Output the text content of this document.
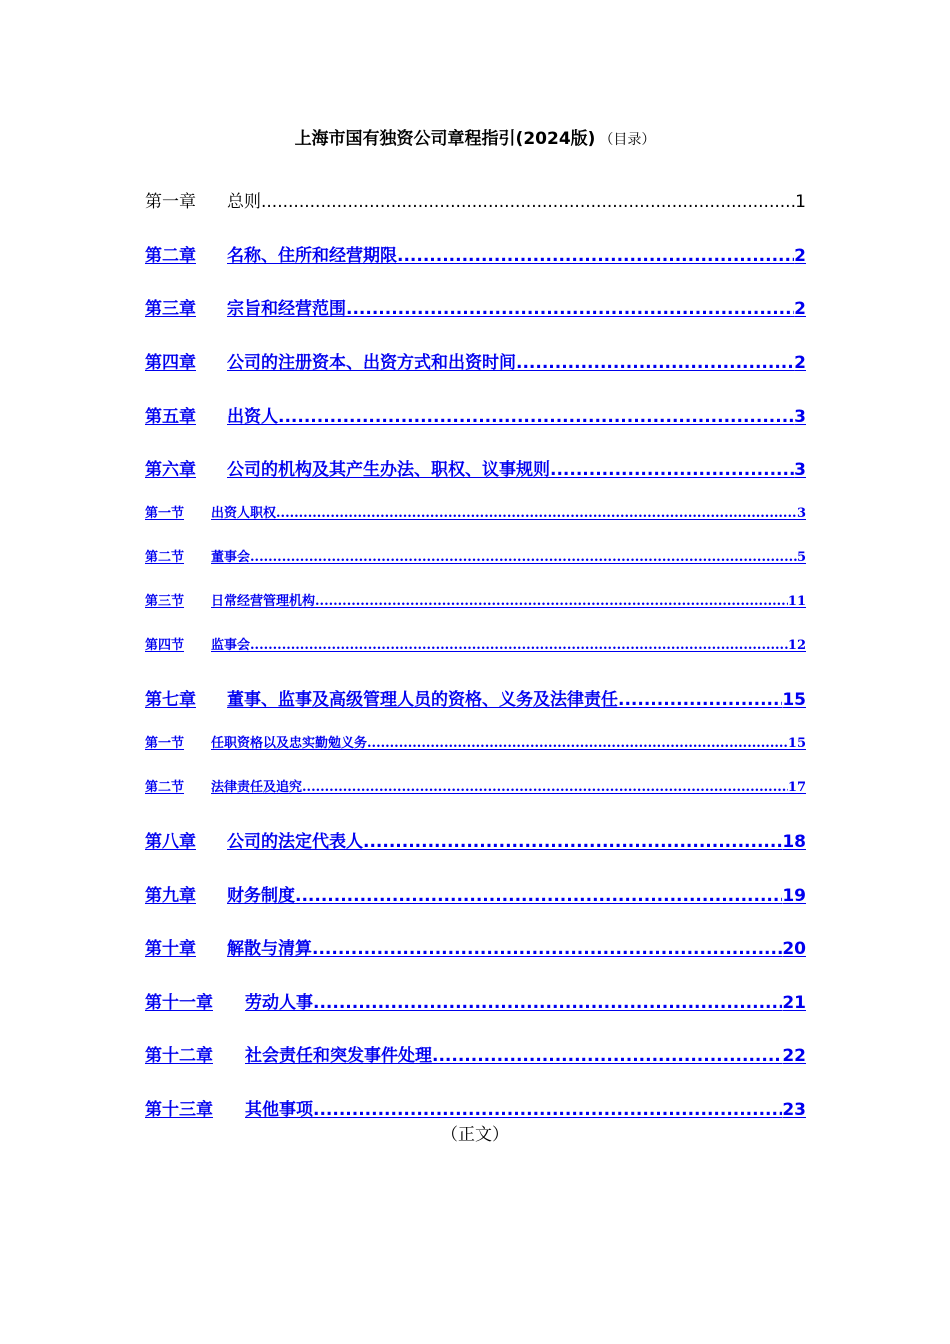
上海市国有独资公司章程指引(2024版) （目录）
第一章	总则 .....	1
第二章	名称、住所和经营期限 .....	2
第三章	宗旨和经营范围 .....	2
第四章	公司的注册资本、出资方式和出资时间 .....	2
第五章	出资人 .....	3
第六章	公司的机构及其产生办法、职权、议事规则 .....	3
第一节	出资人职权 .....	3
第二节	董事会 .....	5
第三节	日常经营管理机构 .....	11
第四节	监事会 .....	12
第七章	董事、监事及高级管理人员的资格、义务及法律责任 .....	15
第一节	任职资格以及忠实勤勉义务 .....	15
第二节	法律责任及追究 .....	17
第八章	公司的法定代表人 .....	18
第九章	财务制度 .....	19
第十章	解散与清算 .....	20
第十一章	劳动人事 .....	21
第十二章	社会责任和突发事件处理 .....	22
第十三章	其他事项 .....	23
（正文）
